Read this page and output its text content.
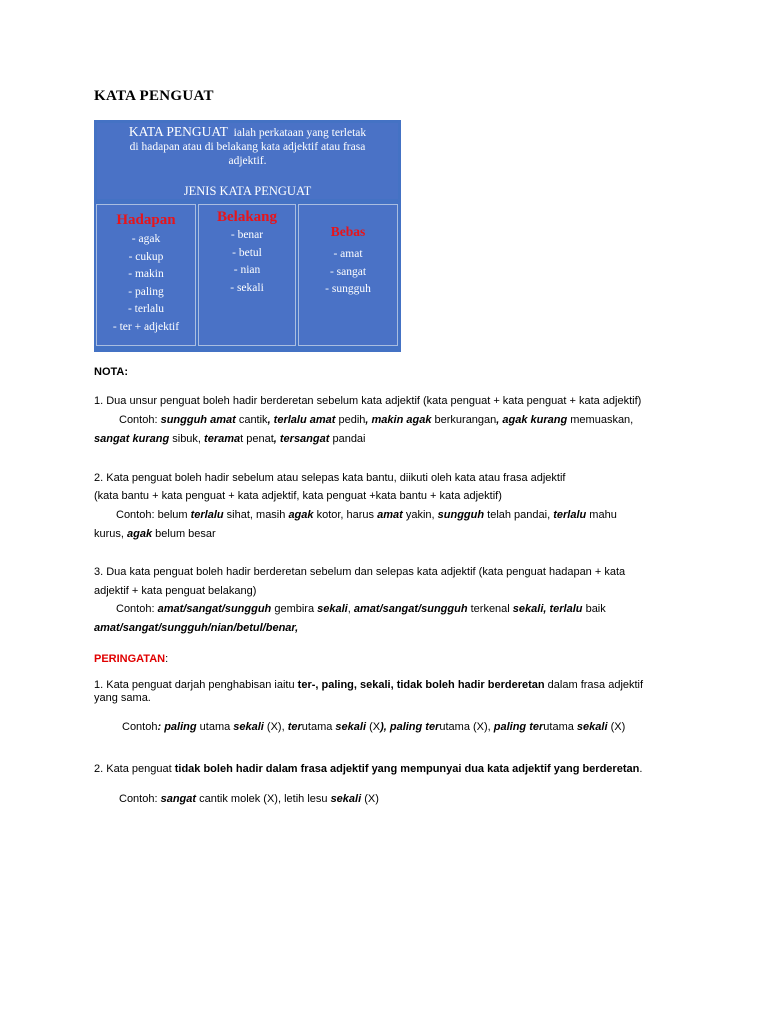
KATA PENGUAT
KATA PENGUAT ialah perkataan yang terletak
di hadapan atau di belakang kata adjektif atau frasa
adjektif.
JENIS KATA PENGUAT
Hadapan
- agak
- cukup
- makin
- paling
- terlalu
- ter + adjektif
Belakang
- benar
- betul
- nian
- sekali
Bebas
- amat
- sangat
- sungguh
NOTA:
1. Dua unsur penguat boleh hadir berderetan sebelum kata adjektif (kata penguat + kata penguat + kata adjektif)
Contoh: sungguh amat cantik, terlalu amat pedih, makin agak berkurangan, agak kurang memuaskan,
sangat kurang sibuk, teramat penat, tersangat pandai
2. Kata penguat boleh hadir sebelum atau selepas kata bantu, diikuti oleh kata atau frasa adjektif
(kata bantu + kata penguat + kata adjektif, kata penguat +kata bantu + kata adjektif)
Contoh: belum terlalu sihat, masih agak kotor, harus amat yakin, sungguh telah pandai, terlalu mahu
kurus, agak belum besar
3. Dua kata penguat boleh hadir berderetan sebelum dan selepas kata adjektif (kata penguat hadapan + kata
adjektif + kata penguat belakang)
Contoh: amat/sangat/sungguh gembira sekali, amat/sangat/sungguh terkenal sekali, terlalu baik
amat/sangat/sungguh/nian/betul/benar,
PERINGATAN:
1. Kata penguat darjah penghabisan iaitu ter-, paling, sekali, tidak boleh hadir berderetan dalam frasa adjektif
yang sama.
Contoh: paling utama sekali (X), terutama sekali (X), paling terutama (X), paling terutama sekali (X)
2. Kata penguat tidak boleh hadir dalam frasa adjektif yang mempunyai dua kata adjektif yang berderetan.
Contoh: sangat cantik molek (X), letih lesu sekali (X)
